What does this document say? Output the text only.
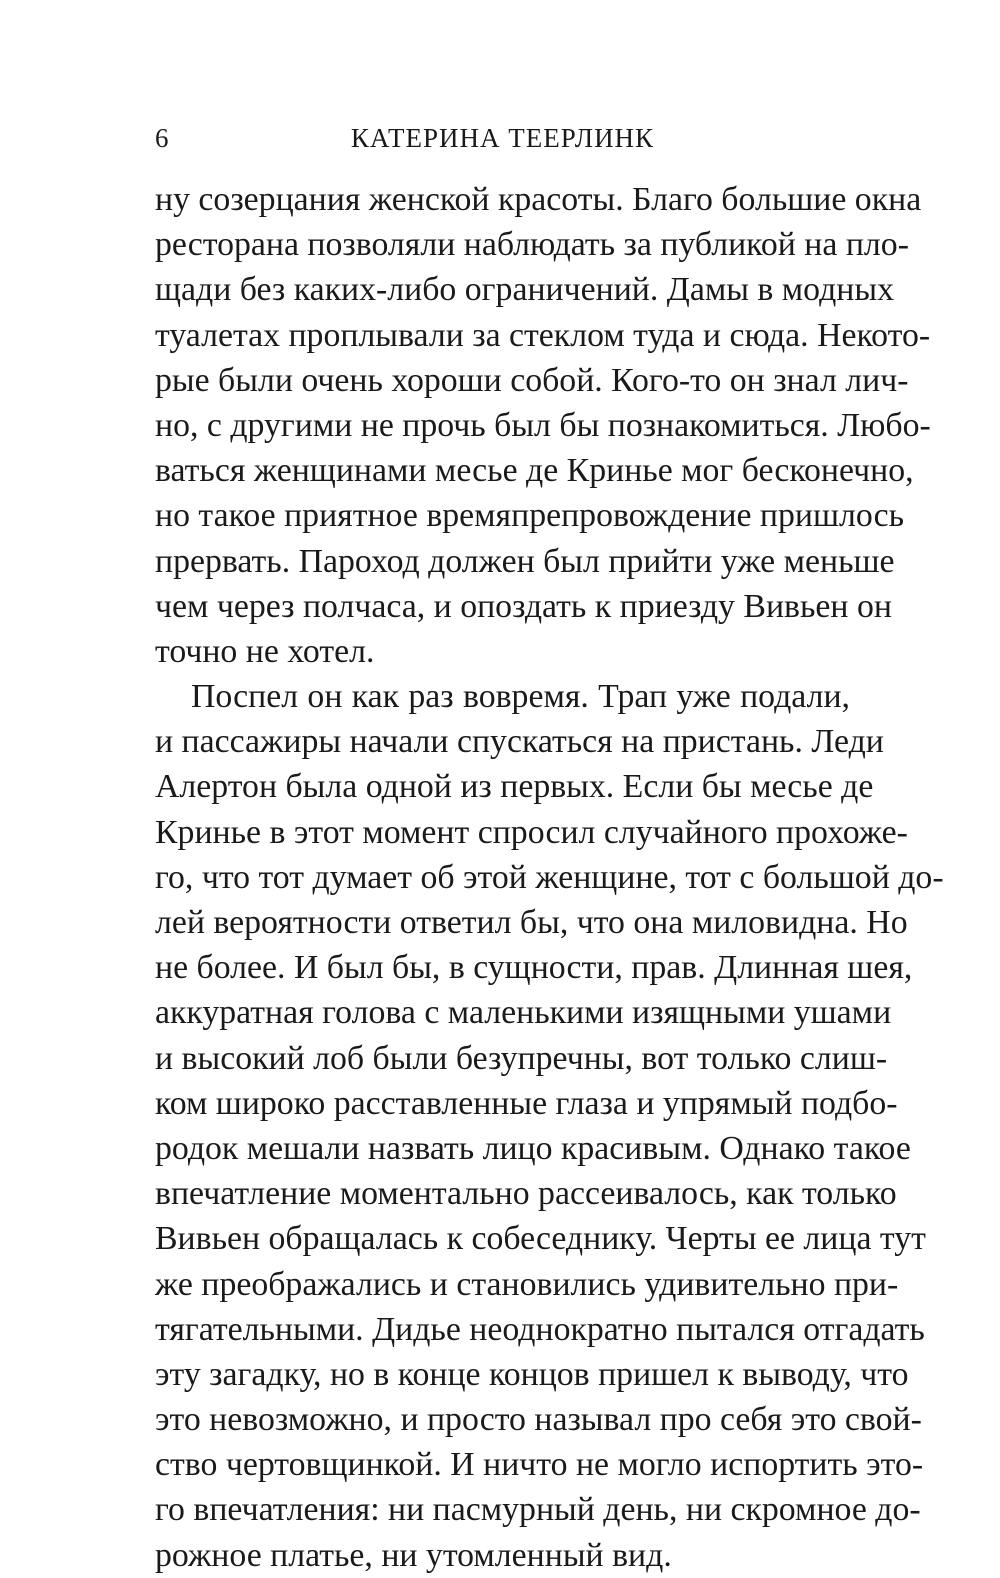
6	КАТЕРИНА ТЕЕРЛИНК
ну созерцания женской красоты. Благо большие окна
ресторана позволяли наблюдать за публикой на пло-
щади без каких-либо ограничений. Дамы в модных
туалетах проплывали за стеклом туда и сюда. Некото-
рые были очень хороши собой. Кого-то он знал лич-
но, с другими не прочь был бы познакомиться. Любо-
ваться женщинами месье де Кринье мог бесконечно,
но такое приятное времяпрепровождение пришлось
прервать. Пароход должен был прийти уже меньше
чем через полчаса, и опоздать к приезду Вивьен он
точно не хотел.
Поспел он как раз вовремя. Трап уже подали,
и пассажиры начали спускаться на пристань. Леди
Алертон была одной из первых. Если бы месье де
Кринье в этот момент спросил случайного прохоже-
го, что тот думает об этой женщине, тот с большой до-
лей вероятности ответил бы, что она миловидна. Но
не более. И был бы, в сущности, прав. Длинная шея,
аккуратная голова с маленькими изящными ушами
и высокий лоб были безупречны, вот только слиш-
ком широко расставленные глаза и упрямый подбо-
родок мешали назвать лицо красивым. Однако такое
впечатление моментально рассеивалось, как только
Вивьен обращалась к собеседнику. Черты ее лица тут
же преображались и становились удивительно при-
тягательными. Дидье неоднократно пытался отгадать
эту загадку, но в конце концов пришел к выводу, что
это невозможно, и просто называл про себя это свой-
ство чертовщинкой. И ничто не могло испортить это-
го впечатления: ни пасмурный день, ни скромное до-
рожное платье, ни утомленный вид.
